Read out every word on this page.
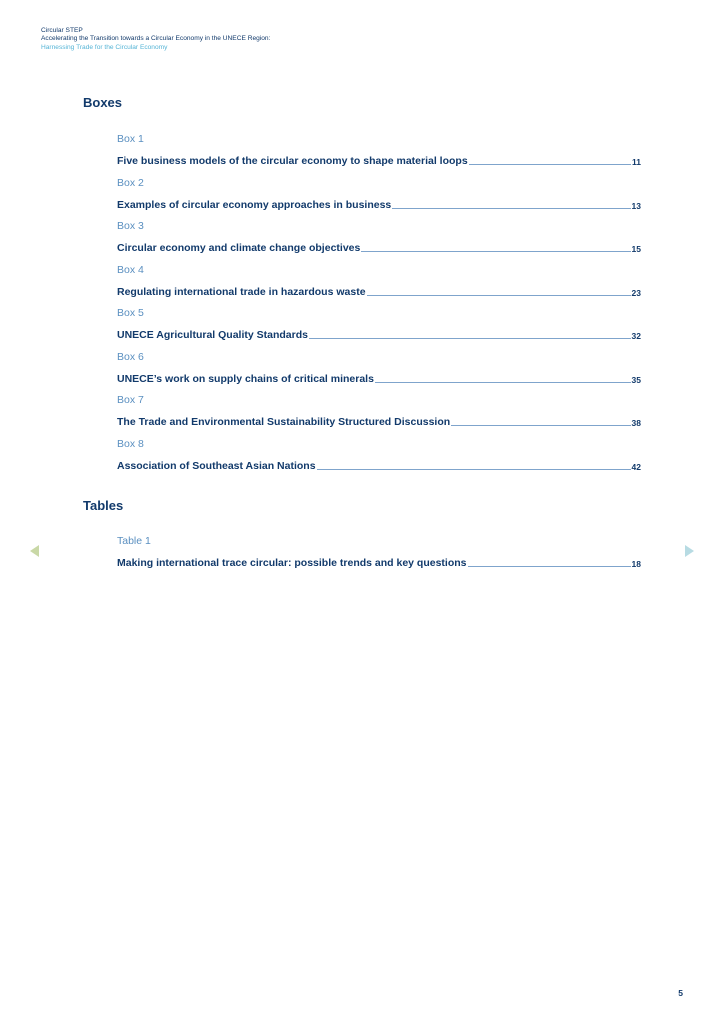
Circular STEP
Accelerating the Transition towards a Circular Economy in the UNECE Region:
Harnessing Trade for the Circular Economy
Boxes
Box 1
Five business models of the circular economy to shape material loops	11
Box 2
Examples of circular economy approaches in business	13
Box 3
Circular economy and climate change objectives	15
Box 4
Regulating international trade in hazardous waste	23
Box 5
UNECE Agricultural Quality Standards	32
Box 6
UNECE’s work on supply chains of critical minerals	35
Box 7
The Trade and Environmental Sustainability Structured Discussion	38
Box 8
Association of Southeast Asian Nations	42
Tables
Table 1
Making international trace circular: possible trends and key questions	18
5
